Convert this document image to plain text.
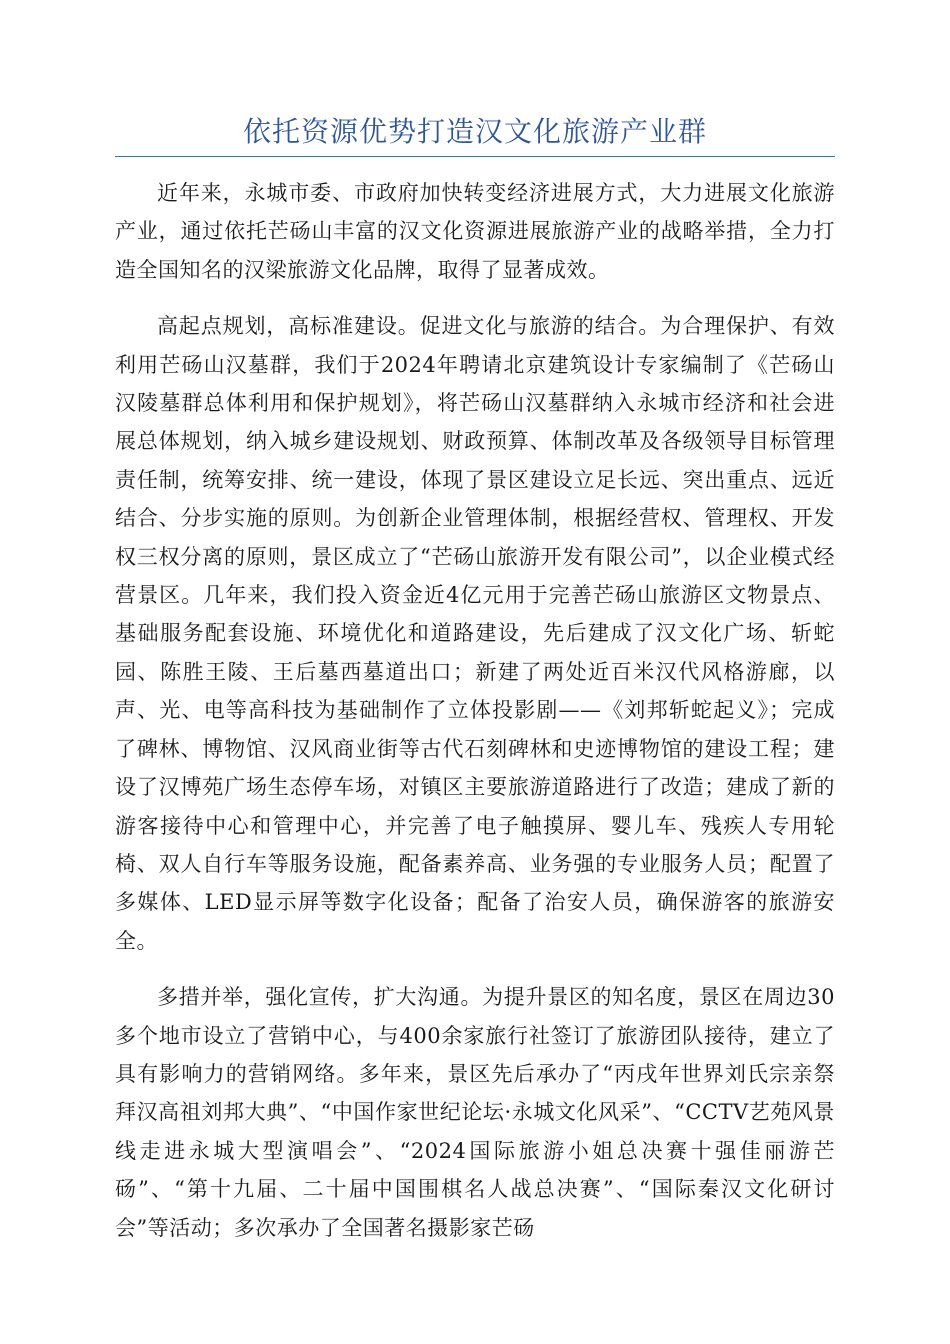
依托资源优势打造汉文化旅游产业群

近年来，永城市委、市政府加快转变经济进展方式，大力进展文化旅游产业，通过依托芒砀山丰富的汉文化资源进展旅游产业的战略举措，全力打造全国知名的汉梁旅游文化品牌，取得了显著成效。

高起点规划，高标准建设。促进文化与旅游的结合。为合理保护、有效利用芒砀山汉墓群，我们于2024年聘请北京建筑设计专家编制了《芒砀山汉陵墓群总体利用和保护规划》，将芒砀山汉墓群纳入永城市经济和社会进展总体规划，纳入城乡建设规划、财政预算、体制改革及各级领导目标管理责任制，统筹安排、统一建设，体现了景区建设立足长远、突出重点、远近结合、分步实施的原则。为创新企业管理体制，根据经营权、管理权、开发权三权分离的原则，景区成立了“芒砀山旅游开发有限公司”，以企业模式经营景区。几年来，我们投入资金近4亿元用于完善芒砀山旅游区文物景点、基础服务配套设施、环境优化和道路建设，先后建成了汉文化广场、斩蛇园、陈胜王陵、王后墓西墓道出口；新建了两处近百米汉代风格游廊，以声、光、电等高科技为基础制作了立体投影剧——《刘邦斩蛇起义》；完成了碑林、博物馆、汉风商业街等古代石刻碑林和史迹博物馆的建设工程；建设了汉博苑广场生态停车场，对镇区主要旅游道路进行了改造；建成了新的游客接待中心和管理中心，并完善了电子触摸屏、婴儿车、残疾人专用轮椅、双人自行车等服务设施，配备素养高、业务强的专业服务人员；配置了多媒体、LED显示屏等数字化设备；配备了治安人员，确保游客的旅游安全。

多措并举，强化宣传，扩大沟通。为提升景区的知名度，景区在周边30多个地市设立了营销中心，与400余家旅行社签订了旅游团队接待，建立了具有影响力的营销网络。多年来，景区先后承办了“丙戌年世界刘氏宗亲祭拜汉高祖刘邦大典”、“中国作家世纪论坛·永城文化风采”、“CCTV艺苑风景线走进永城大型演唱会”、“2024国际旅游小姐总决赛十强佳丽游芒砀”、“第十九届、二十届中国围棋名人战总决赛”、“国际秦汉文化研讨会”等活动；多次承办了全国著名摄影家芒砀
